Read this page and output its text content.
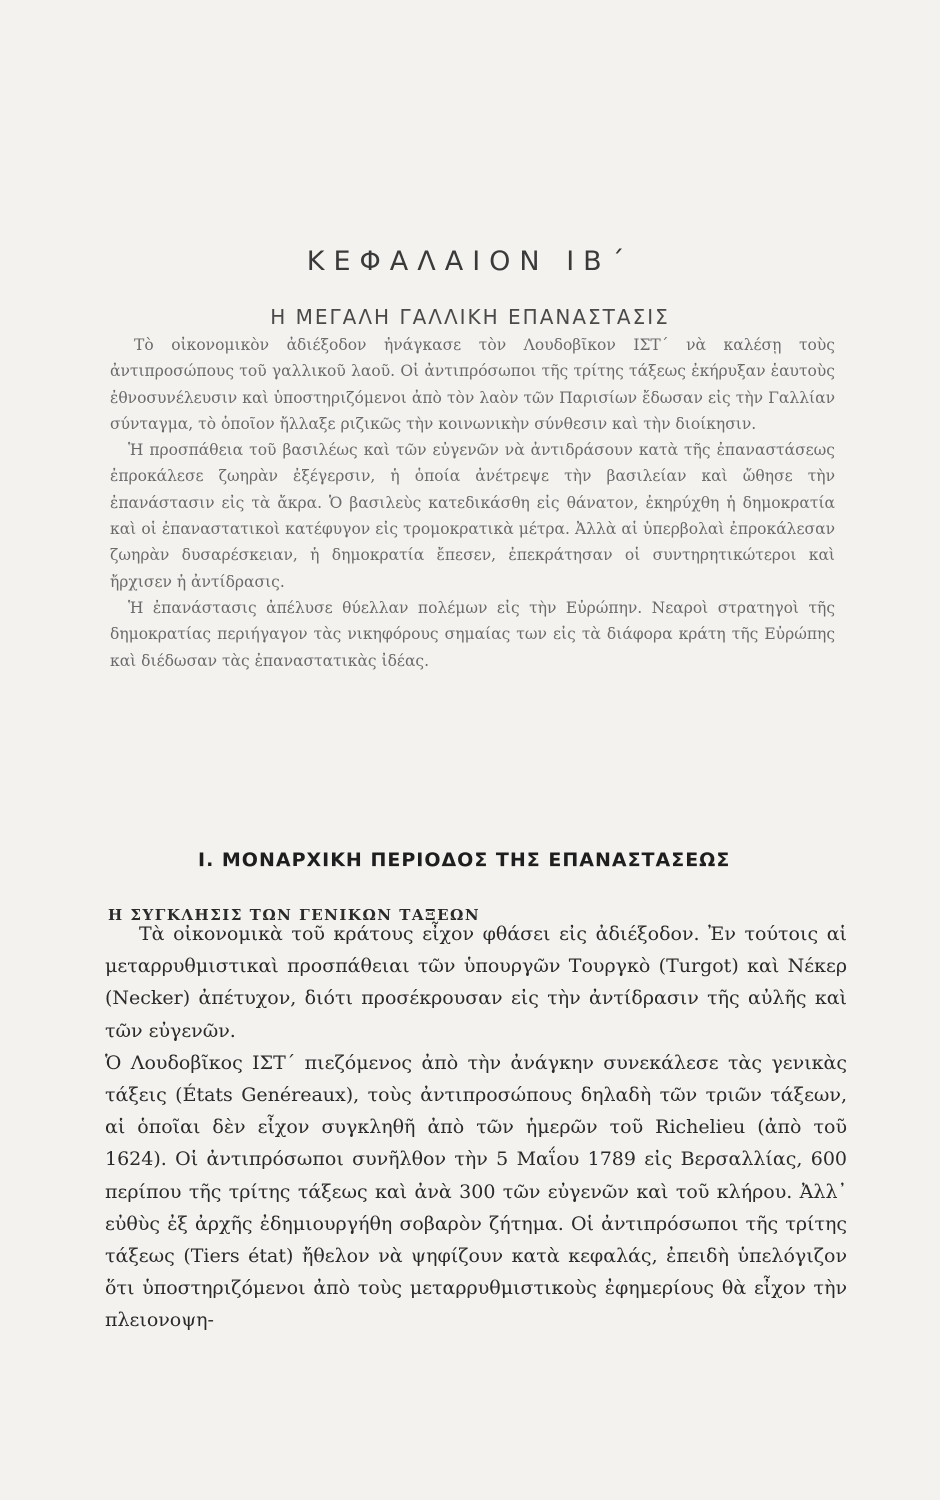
ΚΕΦΑΛΑΙΟΝ ΙΒ΄
Η ΜΕΓΑΛΗ ΓΑΛΛΙΚΗ ΕΠΑΝΑΣΤΑΣΙΣ

Τὸ οἰκονομικὸν ἀδιέξοδον ἠνάγκασε τὸν Λουδοβῖκον ΙΣΤ΄ νὰ καλέσῃ τοὺς ἀντιπροσώπους τοῦ γαλλικοῦ λαοῦ. Οἱ ἀντιπρόσωποι τῆς τρίτης τάξεως ἐκήρυξαν ἑαυτοὺς ἐθνοσυνέλευσιν καὶ ὑποστηριζόμενοι ἀπὸ τὸν λαὸν τῶν Παρισίων ἔδωσαν εἰς τὴν Γαλλίαν σύνταγμα, τὸ ὁποῖον ἤλλαξε ριζικῶς τὴν κοινωνικὴν σύνθεσιν καὶ τὴν διοίκησιν.

Ἡ προσπάθεια τοῦ βασιλέως καὶ τῶν εὐγενῶν νὰ ἀντιδράσουν κατὰ τῆς ἐπαναστάσεως ἐπροκάλεσε ζωηρὰν ἐξέγερσιν, ἡ ὁποία ἀνέτρεψε τὴν βασιλείαν καὶ ὤθησε τὴν ἐπανάστασιν εἰς τὰ ἄκρα. Ὁ βασιλεὺς κατεδικάσθη εἰς θάνατον, ἐκηρύχθη ἡ δημοκρατία καὶ οἱ ἐπαναστατικοὶ κατέφυγον εἰς τρομοκρατικὰ μέτρα. Ἀλλὰ αἱ ὑπερβολαὶ ἐπροκάλεσαν ζωηρὰν δυσαρέσκειαν, ἡ δημοκρατία ἔπεσεν, ἐπεκράτησαν οἱ συντηρητικώτεροι καὶ ἤρχισεν ἡ ἀντίδρασις.

Ἡ ἐπανάστασις ἀπέλυσε θύελλαν πολέμων εἰς τὴν Εὐρώπην. Νεαροὶ στρατηγοὶ τῆς δημοκρατίας περιήγαγον τὰς νικηφόρους σημαίας των εἰς τὰ διάφορα κράτη τῆς Εὐρώπης καὶ διέδωσαν τὰς ἐπαναστατικὰς ἰδέας.

Ι. ΜΟΝΑΡΧΙΚΗ ΠΕΡΙΟΔΟΣ ΤΗΣ ΕΠΑΝΑΣΤΑΣΕΩΣ
Η ΣΥΓΚΛΗΣΙΣ ΤΩΝ ΓΕΝΙΚΩΝ ΤΑΞΕΩΝ

Τὰ οἰκονομικὰ τοῦ κράτους εἶχον φθάσει εἰς ἀδιέξοδον. Ἐν τούτοις αἱ μεταρρυθμιστικαὶ προσπάθειαι τῶν ὑπουργῶν Τουργκὸ (Turgot) καὶ Νέκερ (Necker) ἀπέτυχον, διότι προσέκρουσαν εἰς τὴν ἀντίδρασιν τῆς αὐλῆς καὶ τῶν εὐγενῶν.

Ὁ Λουδοβῖκος ΙΣΤ΄ πιεζόμενος ἀπὸ τὴν ἀνάγκην συνεκάλεσε τὰς γενικὰς τάξεις (États Genéreaux), τοὺς ἀντιπροσώπους δηλαδὴ τῶν τριῶν τάξεων, αἱ ὁποῖαι δὲν εἶχον συγκληθῆ ἀπὸ τῶν ἡμερῶν τοῦ Richelieu (ἀπὸ τοῦ 1624). Οἱ ἀντιπρόσωποι συνῆλθον τὴν 5 Μαΐου 1789 εἰς Βερσαλλίας, 600 περίπου τῆς τρίτης τάξεως καὶ ἀνὰ 300 τῶν εὐγενῶν καὶ τοῦ κλήρου. Ἀλλ᾽ εὐθὺς ἐξ ἀρχῆς ἐδημιουργήθη σοβαρὸν ζήτημα. Οἱ ἀντιπρόσωποι τῆς τρίτης τάξεως (Tiers état) ἤθελον νὰ ψηφίζουν κατὰ κεφαλάς, ἐπειδὴ ὑπελόγιζον ὅτι ὑποστηριζόμενοι ἀπὸ τοὺς μεταρρυθμιστικοὺς ἐφημερίους θὰ εἶχον τὴν πλειονοψη-
